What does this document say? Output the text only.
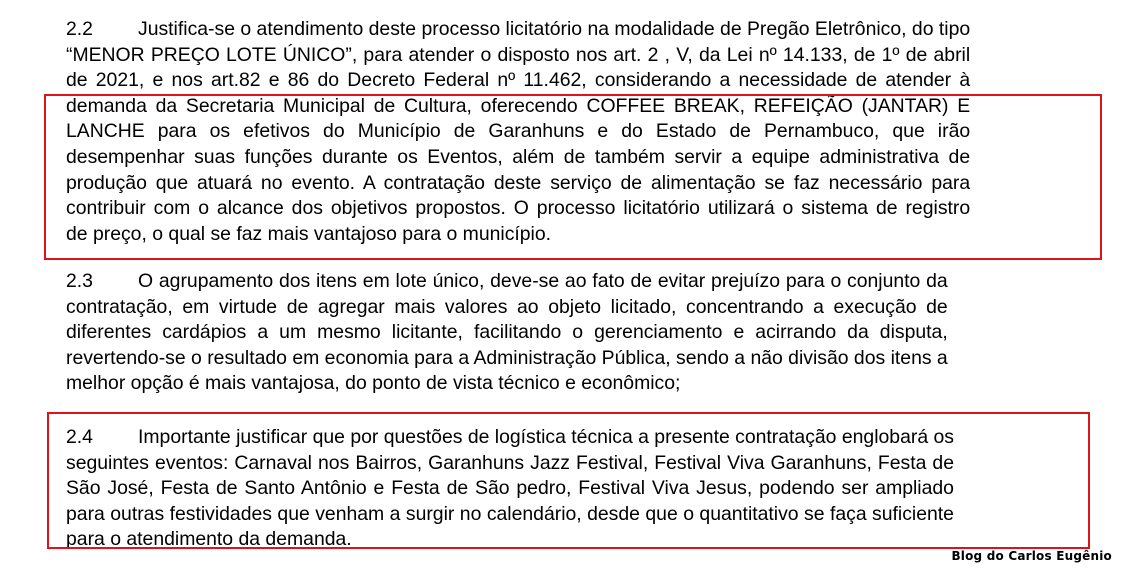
2.2 Justifica-se o atendimento deste processo licitatório na modalidade de Pregão Eletrônico, do tipo
“MENOR PREÇO LOTE ÚNICO”, para atender o disposto nos art. 2 , V, da Lei nº 14.133, de 1º de abril
de 2021, e nos art.82 e 86 do Decreto Federal nº 11.462, considerando a necessidade de atender à
demanda da Secretaria Municipal de Cultura, oferecendo COFFEE BREAK, REFEIÇÃO (JANTAR) E
LANCHE para os efetivos do Município de Garanhuns e do Estado de Pernambuco, que irão
desempenhar suas funções durante os Eventos, além de também servir a equipe administrativa de
produção que atuará no evento. A contratação deste serviço de alimentação se faz necessário para
contribuir com o alcance dos objetivos propostos. O processo licitatório utilizará o sistema de registro
de preço, o qual se faz mais vantajoso para o município.
2.3 O agrupamento dos itens em lote único, deve-se ao fato de evitar prejuízo para o conjunto da
contratação, em virtude de agregar mais valores ao objeto licitado, concentrando a execução de
diferentes cardápios a um mesmo licitante, facilitando o gerenciamento e acirrando da disputa,
revertendo-se o resultado em economia para a Administração Pública, sendo a não divisão dos itens a
melhor opção é mais vantajosa, do ponto de vista técnico e econômico;
2.4 Importante justificar que por questões de logística técnica a presente contratação englobará os
seguintes eventos: Carnaval nos Bairros, Garanhuns Jazz Festival, Festival Viva Garanhuns, Festa de
São José, Festa de Santo Antônio e Festa de São pedro, Festival Viva Jesus, podendo ser ampliado
para outras festividades que venham a surgir no calendário, desde que o quantitativo se faça suficiente
para o atendimento da demanda.
Blog do Carlos Eugênio
